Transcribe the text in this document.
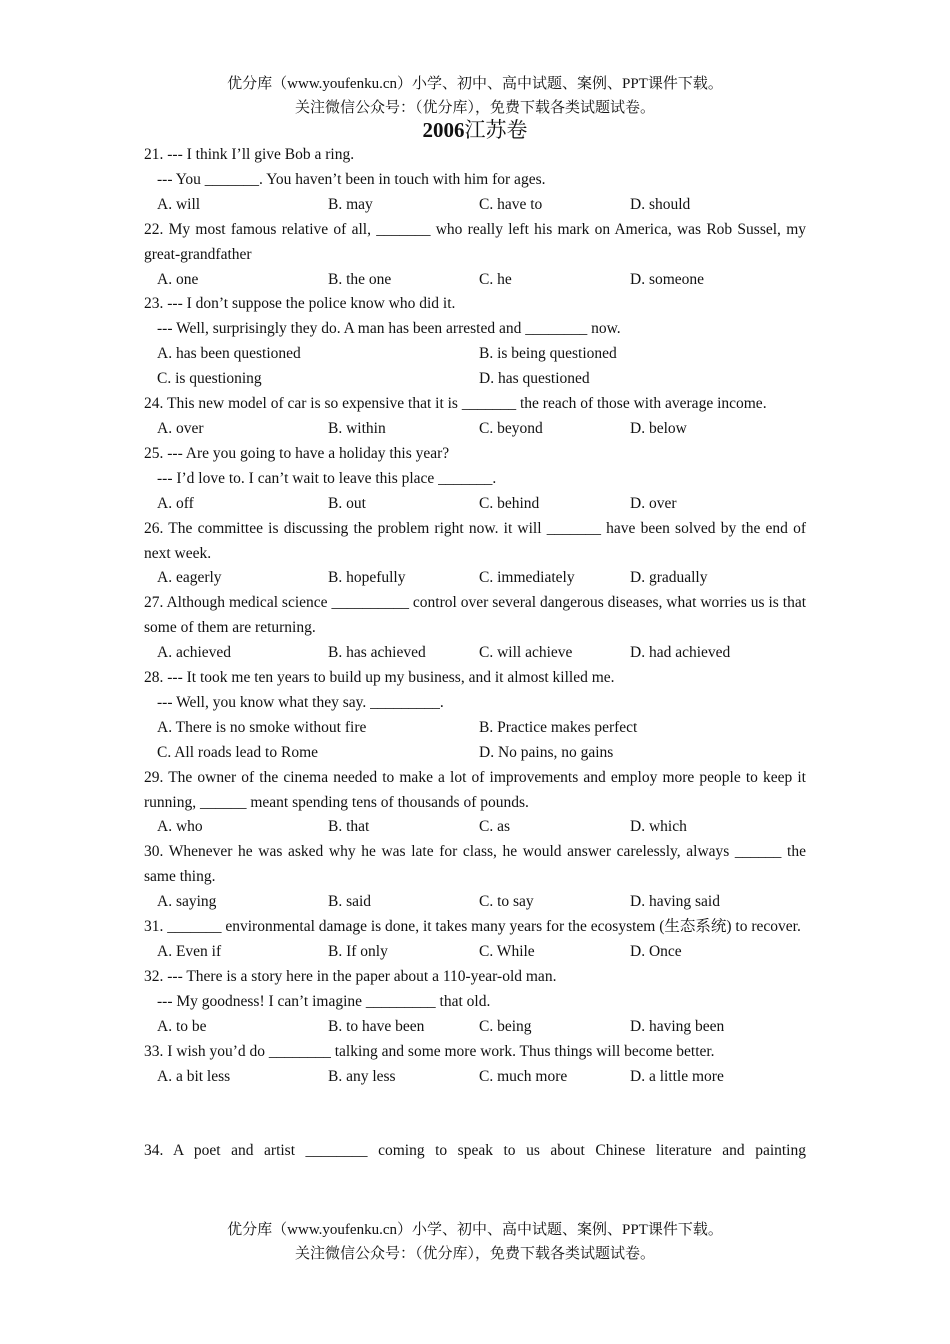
优分库（www.youfenku.cn）小学、初中、高中试题、案例、PPT课件下载。
关注微信公众号：（优分库），免费下载各类试题试卷。
2006江苏卷
21. --- I think I’ll give Bob a ring.
--- You _______. You haven’t been in touch with him for ages.
A. will	B. may	C. have to	D. should
22. My most famous relative of all, _______ who really left his mark on America, was Rob Sussel, my great-grandfather
A. one	B. the one	C. he	D. someone
23. --- I don’t suppose the police know who did it.
--- Well, surprisingly they do. A man has been arrested and ________ now.
A. has been questioned	B. is being questioned
C. is questioning	D. has questioned
24. This new model of car is so expensive that it is _______ the reach of those with average income.
A. over	B. within	C. beyond	D. below
25. --- Are you going to have a holiday this year?
--- I’d love to. I can’t wait to leave this place _______.
A. off	B. out	C. behind	D. over
26. The committee is discussing the problem right now. it will _______ have been solved by the end of next week.
A. eagerly	B. hopefully	C. immediately	D. gradually
27. Although medical science __________ control over several dangerous diseases, what worries us is that some of them are returning.
A. achieved	B. has achieved	C. will achieve	D. had achieved
28. --- It took me ten years to build up my business, and it almost killed me.
--- Well, you know what they say. _________.
A. There is no smoke without fire	B. Practice makes perfect
C. All roads lead to Rome	D. No pains, no gains
29. The owner of the cinema needed to make a lot of improvements and employ more people to keep it running, ______ meant spending tens of thousands of pounds.
A. who	B. that	C. as	D. which
30. Whenever he was asked why he was late for class, he would answer carelessly, always ______ the same thing.
A. saying	B. said	C. to say	D. having said
31. _______ environmental damage is done, it takes many years for the ecosystem (生态系统) to recover.
A. Even if	B. If only	C. While	D. Once
32. --- There is a story here in the paper about a 110-year-old man.
--- My goodness! I can’t imagine _________ that old.
A. to be	B. to have been	C. being	D. having been
33. I wish you’d do ________ talking and some more work. Thus things will become better.
A. a bit less	B. any less	C. much more	D. a little more
34. A poet and artist ________ coming to speak to us about Chinese literature and painting
优分库（www.youfenku.cn）小学、初中、高中试题、案例、PPT课件下载。
关注微信公众号：（优分库），免费下载各类试题试卷。
